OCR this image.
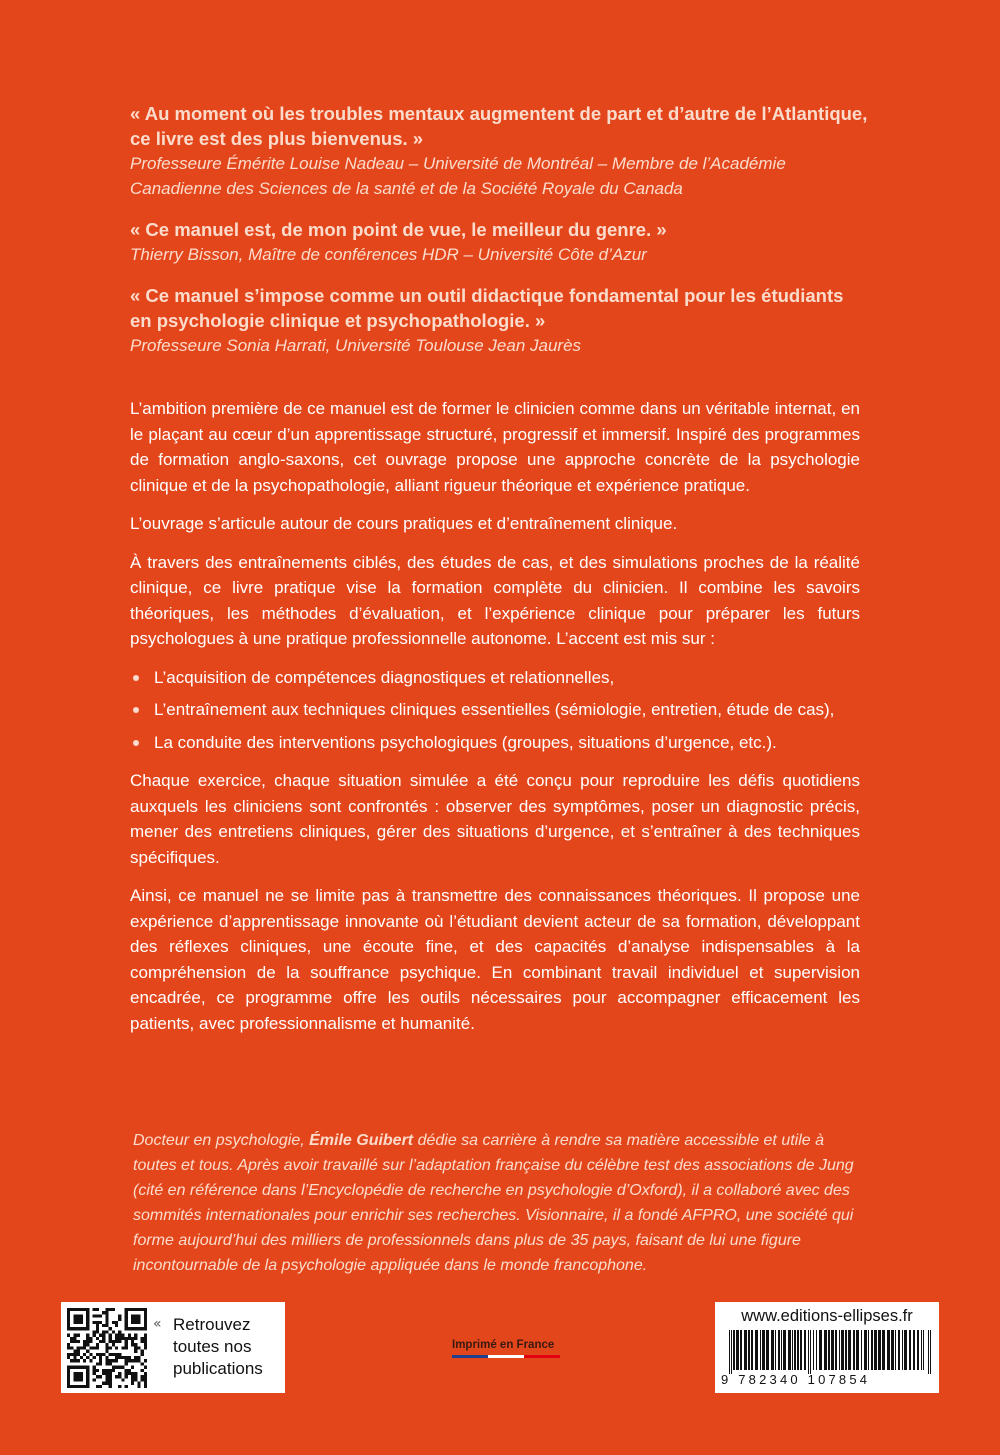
« Au moment où les troubles mentaux augmentent de part et d’autre de l’Atlantique, ce livre est des plus bienvenus. »

Professeure Émérite Louise Nadeau – Université de Montréal – Membre de l’Académie Canadienne des Sciences de la santé et de la Société Royale du Canada

« Ce manuel est, de mon point de vue, le meilleur du genre. »

Thierry Bisson, Maître de conférences HDR – Université Côte d’Azur

« Ce manuel s’impose comme un outil didactique fondamental pour les étudiants en psychologie clinique et psychopathologie. »

Professeure Sonia Harrati, Université Toulouse Jean Jaurès

L’ambition première de ce manuel est de former le clinicien comme dans un véritable internat, en le plaçant au cœur d’un apprentissage structuré, progressif et immersif. Inspiré des programmes de formation anglo-saxons, cet ouvrage propose une approche concrète de la psychologie clinique et de la psychopathologie, alliant rigueur théorique et expérience pratique.

L’ouvrage s’articule autour de cours pratiques et d’entraînement clinique.

À travers des entraînements ciblés, des études de cas, et des simulations proches de la réalité clinique, ce livre pratique vise la formation complète du clinicien. Il combine les savoirs théoriques, les méthodes d’évaluation, et l’expérience clinique pour préparer les futurs psychologues à une pratique professionnelle autonome. L’accent est mis sur :

L’acquisition de compétences diagnostiques et relationnelles,
L’entraînement aux techniques cliniques essentielles (sémiologie, entretien, étude de cas),
La conduite des interventions psychologiques (groupes, situations d’urgence, etc.).

Chaque exercice, chaque situation simulée a été conçu pour reproduire les défis quotidiens auxquels les cliniciens sont confrontés : observer des symptômes, poser un diagnostic précis, mener des entretiens cliniques, gérer des situations d’urgence, et s’entraîner à des techniques spécifiques.

Ainsi, ce manuel ne se limite pas à transmettre des connaissances théoriques. Il propose une expérience d’apprentissage innovante où l’étudiant devient acteur de sa formation, développant des réflexes cliniques, une écoute fine, et des capacités d’analyse indispensables à la compréhension de la souffrance psychique. En combinant travail individuel et supervision encadrée, ce programme offre les outils nécessaires pour accompagner efficacement les patients, avec professionnalisme et humanité.

Docteur en psychologie, Émile Guibert dédie sa carrière à rendre sa matière accessible et utile à toutes et tous. Après avoir travaillé sur l’adaptation française du célèbre test des associations de Jung (cité en référence dans l’Encyclopédie de recherche en psychologie d’Oxford), il a collaboré avec des sommités internationales pour enrichir ses recherches. Visionnaire, il a fondé AFPRO, une société qui forme aujourd’hui des milliers de professionnels dans plus de 35 pays, faisant de lui une figure incontournable de la psychologie appliquée dans le monde francophone.

« Retrouvez toutes nos publications

Imprimé en France

www.editions-ellipses.fr
9 782340 107854
